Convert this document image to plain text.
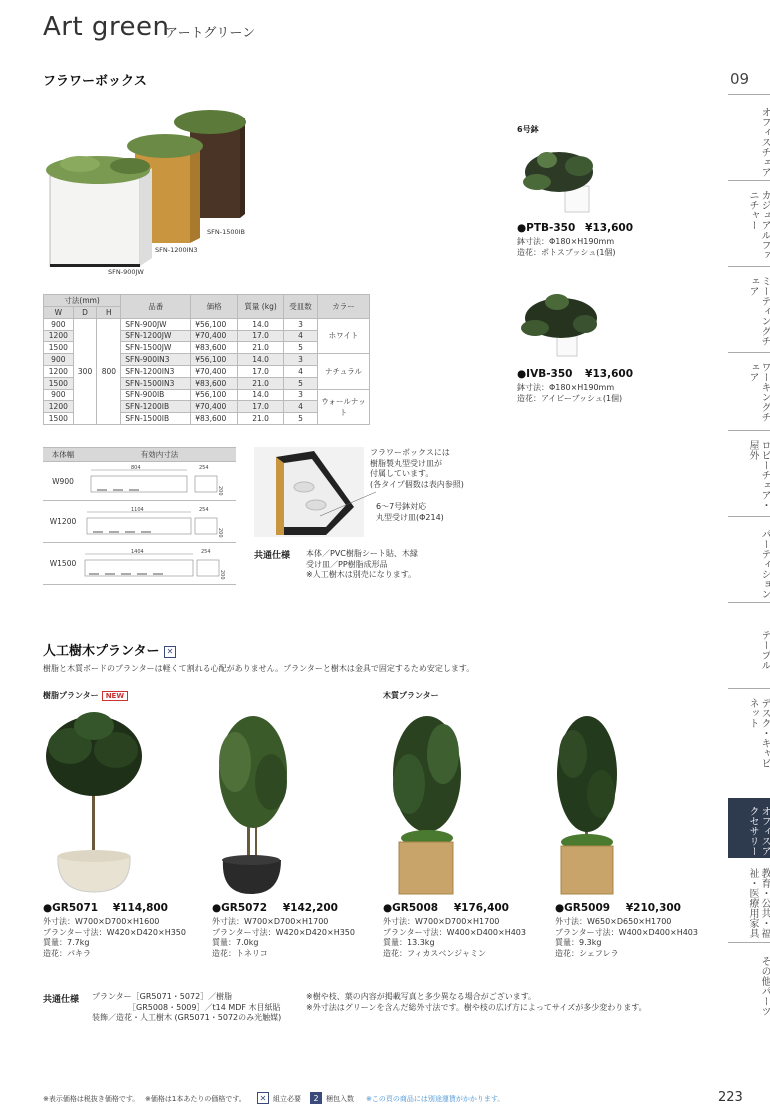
Art green
アートグリーン
09
オフィスチェア
カジュアルファニチャー
ミーティングチェア
ワーキングチェア
ロビーチェア・屋外
パーティション
テーブル
デスク・キャビネット
オフィスアクセサリー
教育・公共・福祉・医療用家具
その他パーツ
フラワーボックス
SFN-1500IB
SFN-1200IN3
SFN-900JW
寸法(mm)			品番	価格	質量 (kg)	受皿数	カラー
W	D	H					
900	300	800	SFN-900JW	¥56,100	14.0	3	ホワイト
1200			SFN-1200JW	¥70,400	17.0	4	
1500			SFN-1500JW	¥83,600	21.0	5	
900			SFN-900IN3	¥56,100	14.0	3	ナチュラル
1200			SFN-1200IN3	¥70,400	17.0	4	
1500			SFN-1500IN3	¥83,600	21.0	5	
900			SFN-900IB	¥56,100	14.0	3	ウォールナット
1200			SFN-1200IB	¥70,400	17.0	4	
1500			SFN-1500IB	¥83,600	21.0	5	
本体幅	有効内寸法
W900	804 254
200

W1200	1104 254
200

W1500	1404 254
200
フラワーボックスには
樹脂製丸型受け皿が
付属しています。
(各タイプ個数は表内参照)
6〜7号鉢対応
丸型受け皿(Φ214)
共通仕様 本体／PVC樹脂シート貼、木縁
受け皿／PP樹脂成形品
※人工樹木は別売になります。
6号鉢
●PTB-350 ¥13,600
鉢寸法：Φ180×H190mm
造花：ポトスブッシュ(1個)
●IVB-350 ¥13,600
鉢寸法：Φ180×H190mm
造花：アイビーブッシュ(1個)
人工樹木プランター ✕
樹脂と木質ボードのプランターは軽くて割れる心配がありません。プランターと樹木は金具で固定するため安定します。
樹脂プランター NEW	木質プランター
●GR5071 ¥114,800
外寸法：W700×D700×H1600
プランター寸法：W420×D420×H350
質量：7.7kg
造花：パキラ
●GR5072 ¥142,200
外寸法：W700×D700×H1700
プランター寸法：W420×D420×H350
質量：7.0kg
造花：トネリコ
●GR5008 ¥176,400
外寸法：W700×D700×H1700
プランター寸法：W400×D400×H403
質量：13.3kg
造花：フィカスベンジャミン
●GR5009 ¥210,300
外寸法：W650×D650×H1700
プランター寸法：W400×D400×H403
質量：9.3kg
造花：シェフレラ
共通仕様 プランター［GR5071・5072］／樹脂
　　　　　［GR5008・5009］／t14 MDF 木目紙貼
装飾／造花・人工樹木 (GR5071・5072のみ光触媒)
※樹や枝、葉の内容が掲載写真と多少異なる場合がございます。
※外寸法はグリーンを含んだ総外寸法です。樹や枝の広げ方によってサイズが多少変わります。
※表示価格は税抜き価格です。 ※価格は1本あたりの価格です。	✕ 組立必要	2	梱包入数 ※この頁の商品には別途運賃がかかります。	223
